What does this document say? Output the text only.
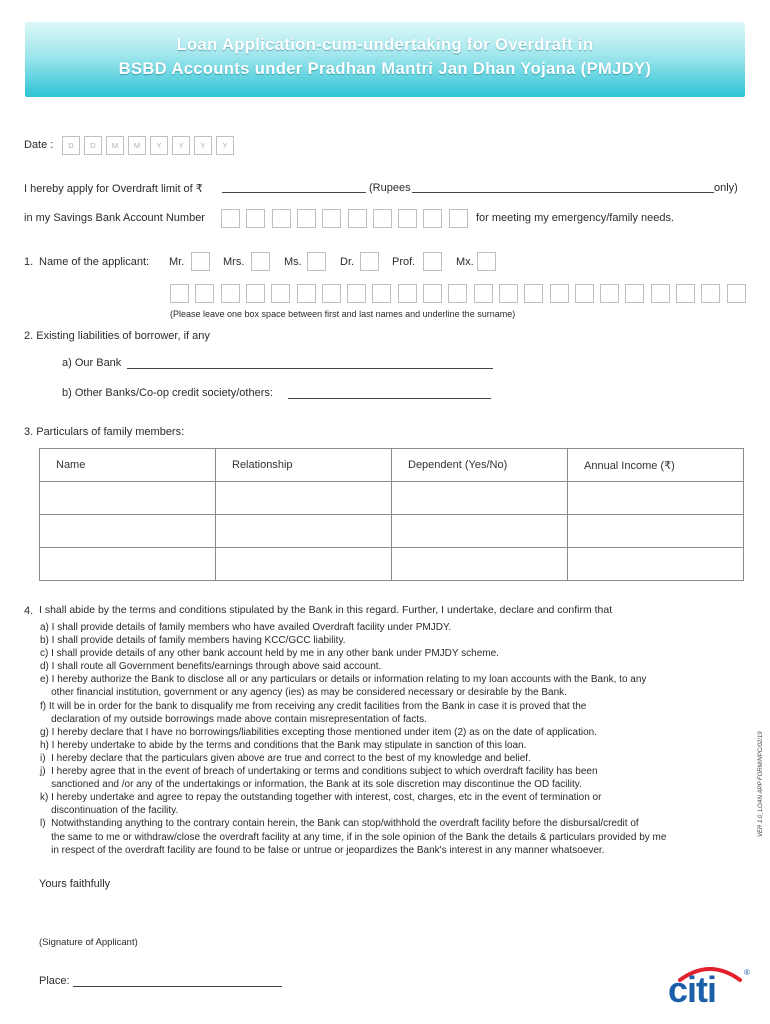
Loan Application-cum-undertaking for Overdraft in
BSBD Accounts under Pradhan Mantri Jan Dhan Yojana (PMJDY)
Date :	D	D	M	M	Y	Y	Y	Y
I hereby apply for Overdraft limit of ₹	(Rupees	only)
in my Savings Bank Account Number	for meeting my emergency/family needs.
1. Name of the applicant: Mr.	Mrs.	Ms.	Dr.	Prof.	Mx.
(Please leave one box space between first and last names and underline the surname)
2. Existing liabilities of borrower, if any
a) Our Bank
b) Other Banks/Co-op credit society/others:
3. Particulars of family members:
Name	Relationship	Dependent (Yes/No)	Annual Income (₹)

4. I shall abide by the terms and conditions stipulated by the Bank in this regard. Further, I undertake, declare and confirm that
a) I shall provide details of family members who have availed Overdraft facility under PMJDY.
b) I shall provide details of family members having KCC/GCC liability.
c) I shall provide details of any other bank account held by me in any other bank under PMJDY scheme.
d) I shall route all Government benefits/earnings through above said account.
e) I hereby authorize the Bank to disclose all or any particulars or details or information relating to my loan accounts with the Bank, to any
other financial institution, government or any agency (ies) as may be considered necessary or desirable by the Bank.
f) It will be in order for the bank to disqualify me from receiving any credit facilities from the Bank in case it is proved that the
declaration of my outside borrowings made above contain misrepresentation of facts.
g) I hereby declare that I have no borrowings/liabilities excepting those mentioned under item (2) as on the date of application.
h) I hereby undertake to abide by the terms and conditions that the Bank may stipulate in sanction of this loan.
i)  I hereby declare that the particulars given above are true and correct to the best of my knowledge and belief.
j)  I hereby agree that in the event of breach of undertaking or terms and conditions subject to which overdraft facility has been
sanctioned and /or any of the undertakings or information, the Bank at its sole discretion may discontinue the OD facility.
k) I hereby undertake and agree to repay the outstanding together with interest, cost, charges, etc in the event of termination or
discontinuation of the facility.
l)  Notwithstanding anything to the contrary contain herein, the Bank can stop/withhold the overdraft facility before the disbursal/credit of
the same to me or withdraw/close the overdraft facility at any time, if in the sole opinion of the Bank the details & particulars provided by me
in respect of the overdraft facility are found to be false or untrue or jeopardizes the Bank's interest in any manner whatsoever.
Yours faithfully
(Signature of Applicant)
Place:
VER 1.0_LOAN APP FORM/NPC/02/19
citi	®
